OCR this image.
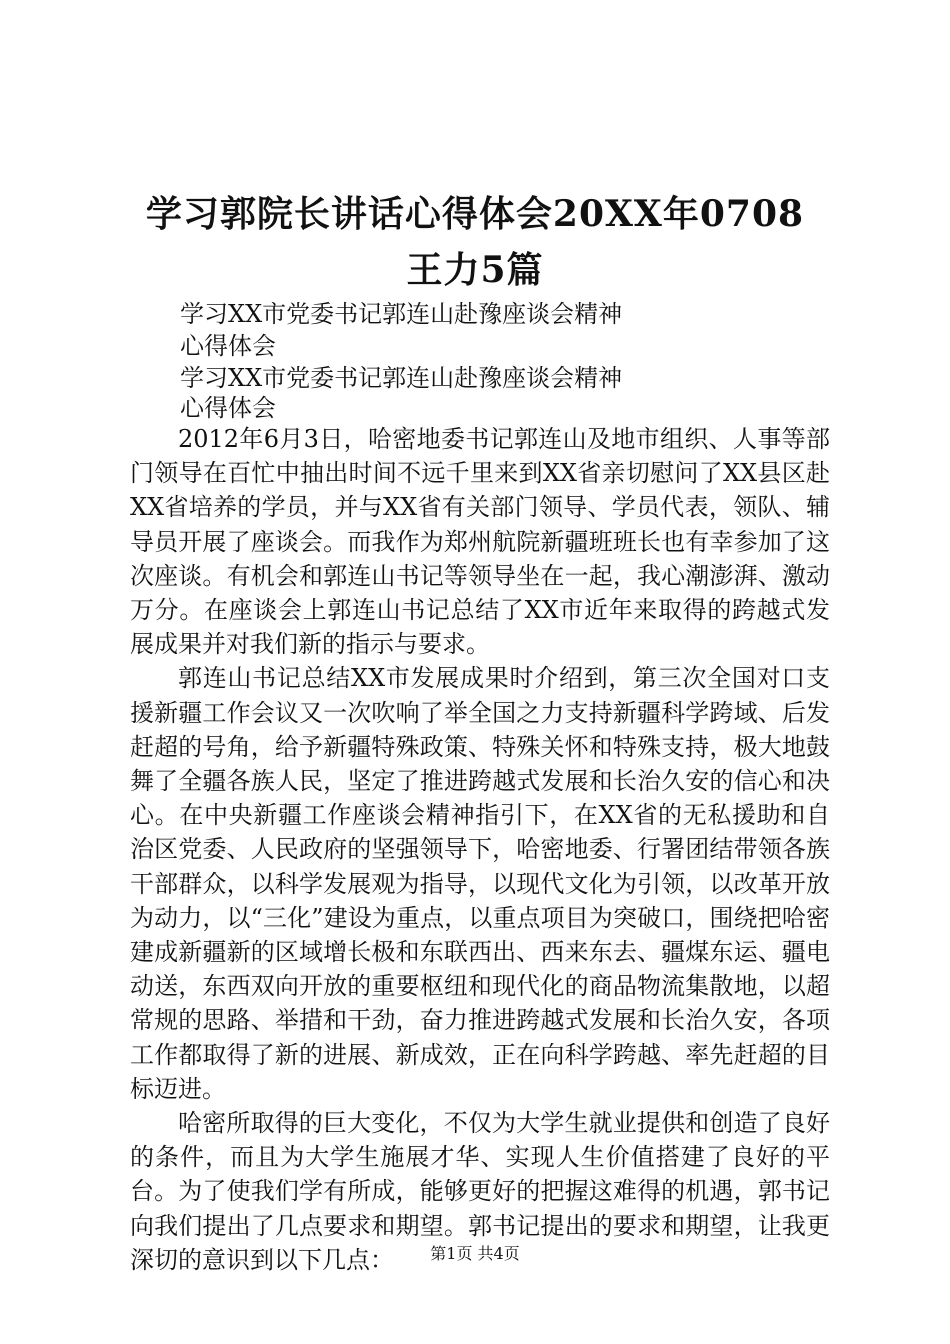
学习郭院长讲话心得体会20XX年0708王力5篇
学习XX市党委书记郭连山赴豫座谈会精神
心得体会
学习XX市党委书记郭连山赴豫座谈会精神
心得体会

2012年6月3日，哈密地委书记郭连山及地市组织、人事等部门领导在百忙中抽出时间不远千里来到XX省亲切慰问了XX县区赴XX省培养的学员，并与XX省有关部门领导、学员代表，领队、辅导员开展了座谈会。而我作为郑州航院新疆班班长也有幸参加了这次座谈。有机会和郭连山书记等领导坐在一起，我心潮澎湃、激动万分。在座谈会上郭连山书记总结了XX市近年来取得的跨越式发展成果并对我们新的指示与要求。

郭连山书记总结XX市发展成果时介绍到，第三次全国对口支援新疆工作会议又一次吹响了举全国之力支持新疆科学跨域、后发赶超的号角，给予新疆特殊政策、特殊关怀和特殊支持，极大地鼓舞了全疆各族人民，坚定了推进跨越式发展和长治久安的信心和决心。在中央新疆工作座谈会精神指引下，在XX省的无私援助和自治区党委、人民政府的坚强领导下，哈密地委、行署团结带领各族干部群众，以科学发展观为指导，以现代文化为引领，以改革开放为动力，以“三化”建设为重点，以重点项目为突破口，围绕把哈密建成新疆新的区域增长极和东联西出、西来东去、疆煤东运、疆电动送，东西双向开放的重要枢纽和现代化的商品物流集散地，以超常规的思路、举措和干劲，奋力推进跨越式发展和长治久安，各项工作都取得了新的进展、新成效，正在向科学跨越、率先赶超的目标迈进。

哈密所取得的巨大变化，不仅为大学生就业提供和创造了良好的条件，而且为大学生施展才华、实现人生价值搭建了良好的平台。为了使我们学有所成，能够更好的把握这难得的机遇，郭书记向我们提出了几点要求和期望。郭书记提出的要求和期望，让我更深切的意识到以下几点：	第1页 共4页
